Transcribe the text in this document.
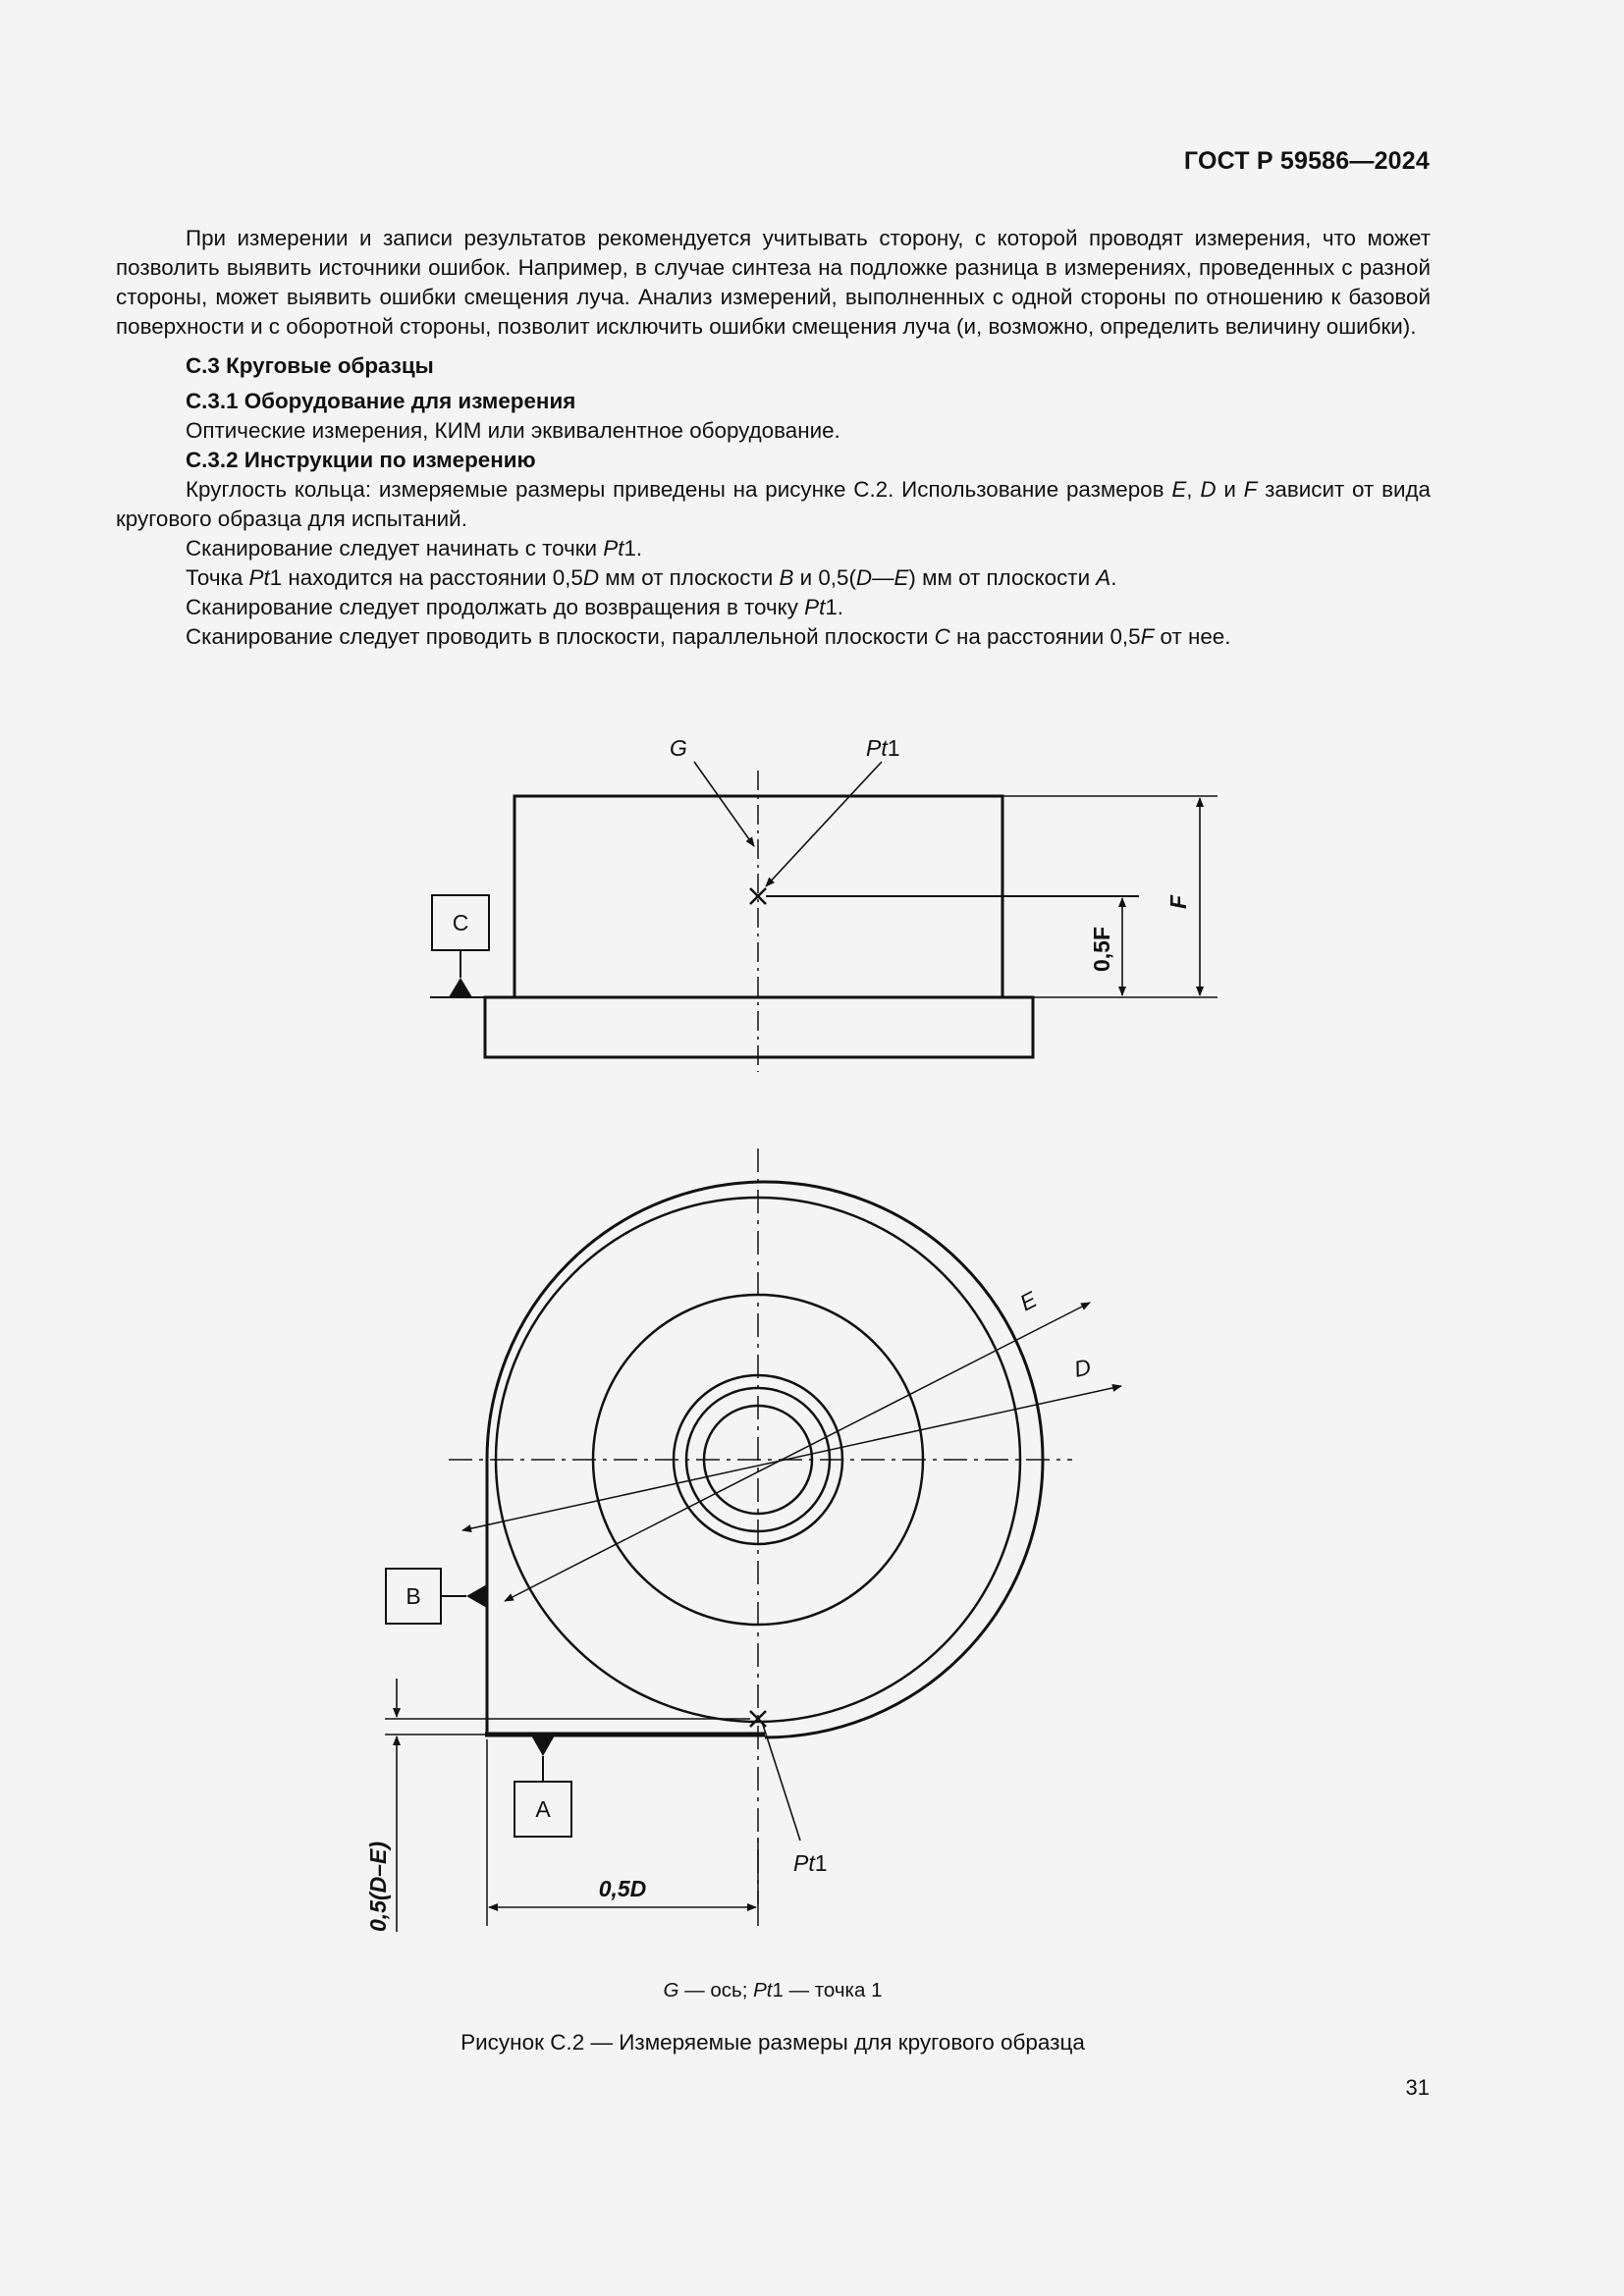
ГОСТ Р 59586—2024

При измерении и записи результатов рекомендуется учитывать сторону, с которой проводят измерения, что может позволить выявить источники ошибок. Например, в случае синтеза на подложке разница в измерениях, проведенных с разной стороны, может выявить ошибки смещения луча. Анализ измерений, выполненных с одной стороны по отношению к базовой поверхности и с оборотной стороны, позволит исключить ошибки смещения луча (и, возможно, определить величину ошибки).

С.3 Круговые образцы

С.3.1 Оборудование для измерения

Оптические измерения, КИМ или эквивалентное оборудование.

С.3.2 Инструкции по измерению

Круглость кольца: измеряемые размеры приведены на рисунке С.2. Использование размеров E, D и F зависит от вида кругового образца для испытаний.

Сканирование следует начинать с точки Pt1.

Точка Pt1 находится на расстоянии 0,5D мм от плоскости B и 0,5(D—E) мм от плоскости A.

Сканирование следует продолжать до возвращения в точку Pt1.

Сканирование следует проводить в плоскости, параллельной плоскости C на расстоянии 0,5F от нее.

G	Pt1
F
0,5F
C
E
D
B
A
Pt1
0,5D
0,5(D–E)
G — ось; Pt1 — точка 1
Рисунок С.2 — Измеряемые размеры для кругового образца
31
